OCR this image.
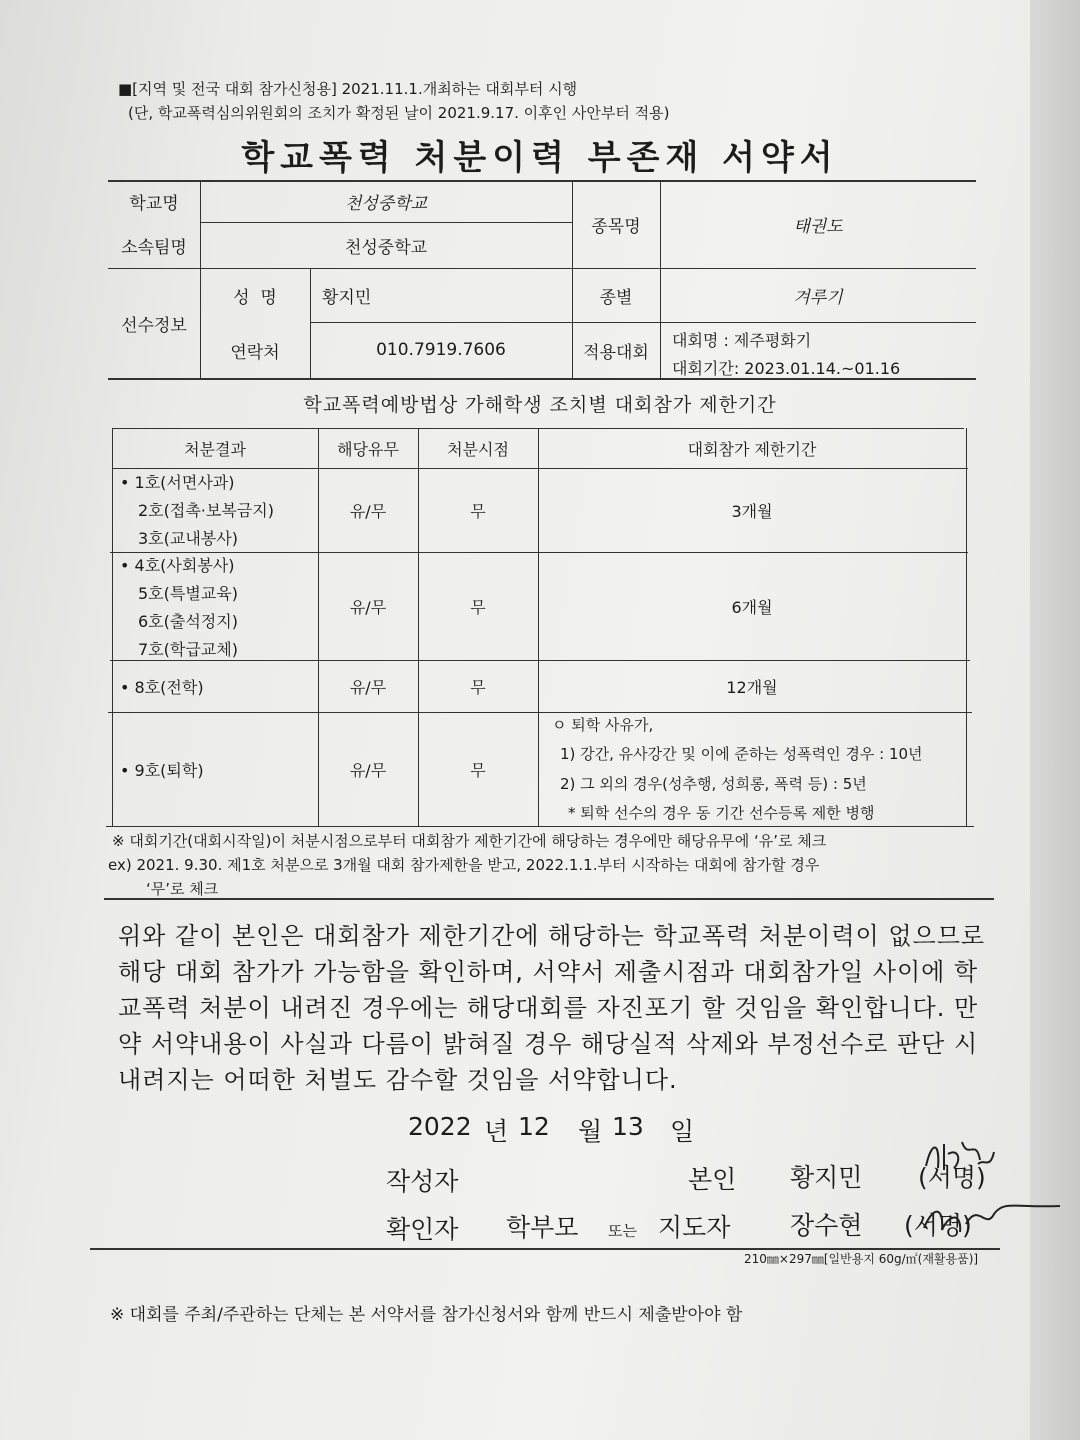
■[지역 및 전국 대회 참가신청용] 2021.11.1.개최하는 대회부터 시행
(단, 학교폭력심의위원회의 조치가 확정된 날이 2021.9.17. 이후인 사안부터 적용)
학교폭력 처분이력 부존재 서약서
학교명	천성중학교
소속팀명	천성중학교
종목명	태권도
선수정보
성  명	황지민	종별	겨루기
연락처	010.7919.7606	적용대회
대회명 : 제주평화기
대회기간: 2023.01.14.~01.16
학교폭력예방법상 가해학생 조치별 대회참가 제한기간
처분결과	해당유무	처분시점	대회참가 제한기간
• 1호(서면사과)
2호(접촉·보복금지)
3호(교내봉사)
유/무	무	3개월
• 4호(사회봉사)
5호(특별교육)
6호(출석정지)
7호(학급교체)
유/무	무	6개월
• 8호(전학)	유/무	무	12개월
• 9호(퇴학)	유/무	무
ㅇ 퇴학 사유가,
1) 강간, 유사강간 및 이에 준하는 성폭력인 경우 : 10년
2) 그 외의 경우(성추행, 성희롱, 폭력 등) : 5년
* 퇴학 선수의 경우 동 기간 선수등록 제한 병행
※ 대회기간(대회시작일)이 처분시점으로부터 대회참가 제한기간에 해당하는 경우에만 해당유무에 ‘유’로 체크
ex) 2021. 9.30. 제1호 처분으로 3개월 대회 참가제한을 받고, 2022.1.1.부터 시작하는 대회에 참가할 경우
‘무’로 체크
위와 같이 본인은 대회참가 제한기간에 해당하는 학교폭력 처분이력이 없으므로 해당 대회 참가가 가능함을 확인하며, 서약서 제출시점과 대회참가일 사이에 학교폭력 처분이 내려진 경우에는 해당대회를 자진포기 할 것임을 확인합니다. 만약 서약내용이 사실과 다름이 밝혀질 경우 해당실적 삭제와 부정선수로 판단 시 내려지는 어떠한 처벌도 감수할 것임을 서약합니다.
2022 년 12 월 13 일
작성자	본인 황지민 (서명)
확인자 학부모 또는 지도자 장수현 (서명)
210㎜×297㎜[일반용지 60g/㎡(재활용품)]
※ 대회를 주최/주관하는 단체는 본 서약서를 참가신청서와 함께 반드시 제출받아야 함
